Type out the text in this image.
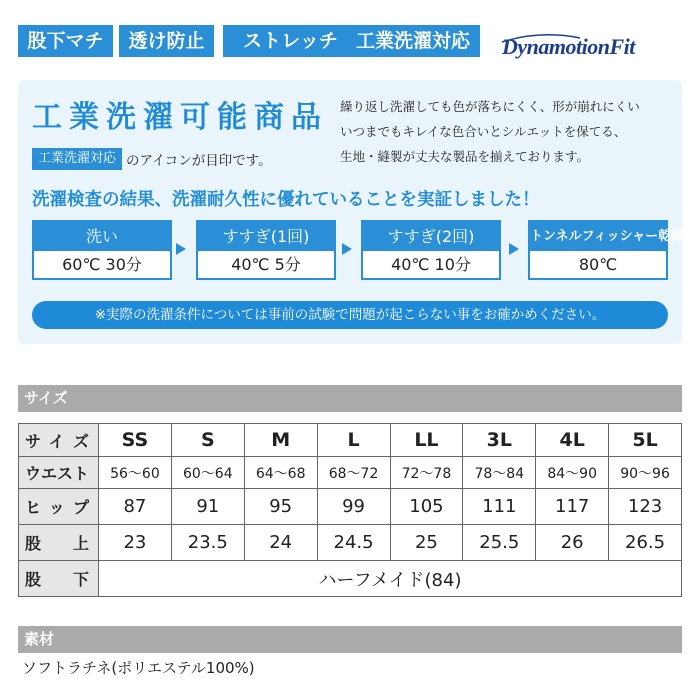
股下マチ	透け防止	ストレッチ 工業洗濯対応	DynamotionFit
工業洗濯可能商品 繰り返し洗濯しても色が落ちにくく、形が崩れにくい
いつまでもキレイな色合いとシルエットを保てる、
生地・縫製が丈夫な製品を揃えております。
工業洗濯対応 のアイコンが目印です。
洗濯検査の結果、洗濯耐久性に優れていることを実証しました！
洗い
60℃ 30分
すすぎ(1回)
40℃ 5分
すすぎ(2回)
40℃ 10分
トンネルフィッシャー乾燥
80℃
※実際の洗濯条件については事前の試験で問題が起こらない事をお確かめください。
サイズ
サイズ	SS	S	M	L	LL	3L	4L	5L
ウエスト	56〜60	60〜64	64〜68	68〜72	72〜78	78〜84	84〜90	90〜96
ヒップ	87	91	95	99	105	111	117	123
股上	23	23.5	24	24.5	25	25.5	26	26.5
股下	ハーフメイド(84)							
素材
ソフトラチネ(ポリエステル100%)
